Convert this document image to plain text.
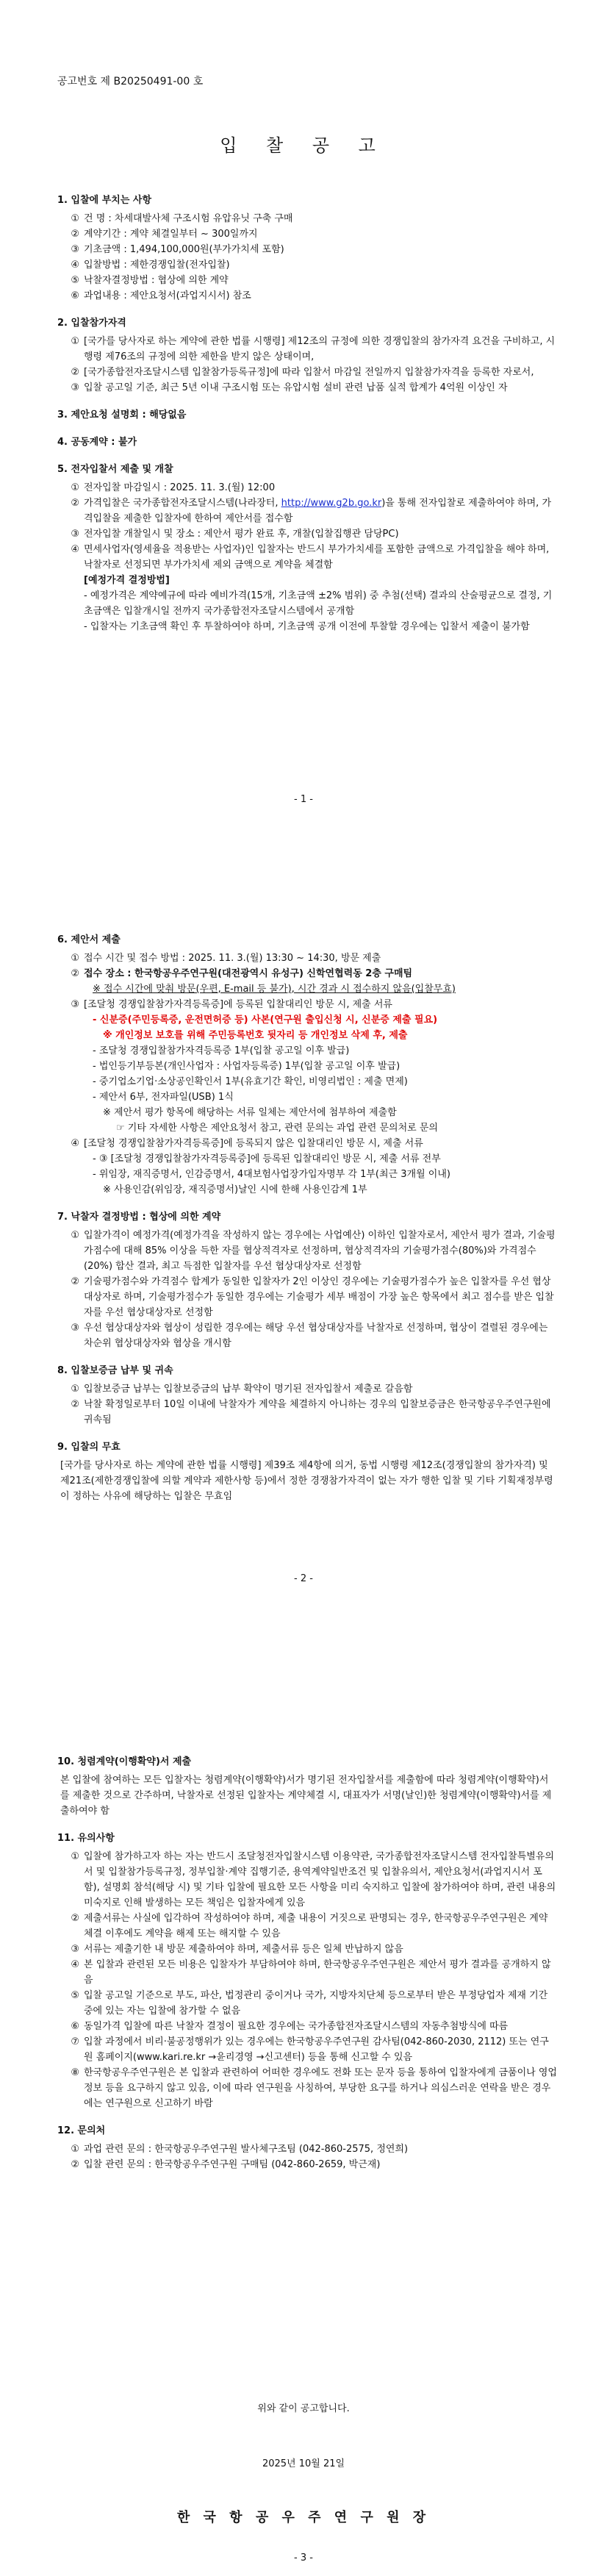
공고번호 제 B20250491-00 호
입 찰 공 고
1. 입찰에 부치는 사항
① 건 명 : 차세대발사체 구조시험 유압유닛 구축 구매
② 계약기간 : 계약 체결일부터 ~ 300일까지
③ 기초금액 : 1,494,100,000원(부가가치세 포함)
④ 입찰방법 : 제한경쟁입찰(전자입찰)
⑤ 낙찰자결정방법 : 협상에 의한 계약
⑥ 과업내용 : 제안요청서(과업지시서) 참조
2. 입찰참가자격
① [국가를 당사자로 하는 계약에 관한 법률 시행령] 제12조의 규정에 의한 경쟁입찰의 참가자격 요건을 구비하고, 시행령 제76조의 규정에 의한 제한을 받지 않은 상태이며,
② [국가종합전자조달시스템 입찰참가등록규정]에 따라 입찰서 마감일 전일까지 입찰참가자격을 등록한 자로서,
③ 입찰 공고일 기준, 최근 5년 이내 구조시험 또는 유압시험 설비 관련 납품 실적 합계가 4억원 이상인 자
3. 제안요청 설명회 : 해당없음
4. 공동계약 : 불가
5. 전자입찰서 제출 및 개찰
① 전자입찰 마감일시 : 2025. 11. 3.(월) 12:00
② 가격입찰은 국가종합전자조달시스템(나라장터, http://www.g2b.go.kr)을 통해 전자입찰로 제출하여야 하며, 가격입찰을 제출한 입찰자에 한하여 제안서를 접수함
③ 전자입찰 개찰일시 및 장소 : 제안서 평가 완료 후, 개찰(입찰집행관 담당PC)
④ 면세사업자(영세율을 적용받는 사업자)인 입찰자는 반드시 부가가치세를 포함한 금액으로 가격입찰을 해야 하며, 낙찰자로 선정되면 부가가치세 제외 금액으로 계약을 체결함
[예정가격 결정방법]
- 예정가격은 계약예규에 따라 예비가격(15개, 기초금액 ±2% 범위) 중 추첨(선택) 결과의 산술평균으로 결정, 기초금액은 입찰개시일 전까지 국가종합전자조달시스템에서 공개함
- 입찰자는 기초금액 확인 후 투찰하여야 하며, 기초금액 공개 이전에 투찰할 경우에는 입찰서 제출이 불가함
- 1 -
6. 제안서 제출
① 접수 시간 및 접수 방법 : 2025. 11. 3.(월) 13:30 ~ 14:30, 방문 제출
② 접수 장소 : 한국항공우주연구원(대전광역시 유성구) 신학연협력동 2층 구매팀
※ 접수 시간에 맞춰 방문(우편, E-mail 등 불가), 시간 경과 시 접수하지 않음(입찰무효)
③ [조달청 경쟁입찰참가자격등록증]에 등록된 입찰대리인 방문 시, 제출 서류
- 신분증(주민등록증, 운전면허증 등) 사본(연구원 출입신청 시, 신분증 제출 필요)
※ 개인정보 보호를 위해 주민등록번호 뒷자리 등 개인정보 삭제 후, 제출
- 조달청 경쟁입찰참가자격등록증 1부(입찰 공고일 이후 발급)
- 법인등기부등본(개인사업자 : 사업자등록증) 1부(입찰 공고일 이후 발급)
- 중기업소기업·소상공인확인서 1부(유효기간 확인, 비영리법인 : 제출 면제)
- 제안서 6부, 전자파일(USB) 1식
※ 제안서 평가 항목에 해당하는 서류 일체는 제안서에 첨부하여 제출함
☞ 기타 자세한 사항은 제안요청서 참고, 관련 문의는 과업 관련 문의처로 문의
④ [조달청 경쟁입찰참가자격등록증]에 등록되지 않은 입찰대리인 방문 시, 제출 서류
- ③ [조달청 경쟁입찰참가자격등록증]에 등록된 입찰대리인 방문 시, 제출 서류 전부
- 위임장, 재직증명서, 인감증명서, 4대보험사업장가입자명부 각 1부(최근 3개월 이내)
※ 사용인감(위임장, 재직증명서)날인 시에 한해 사용인감계 1부
7. 낙찰자 결정방법 : 협상에 의한 계약
① 입찰가격이 예정가격(예정가격을 작성하지 않는 경우에는 사업예산) 이하인 입찰자로서, 제안서 평가 결과, 기술평가점수에 대해 85% 이상을 득한 자를 협상적격자로 선정하며, 협상적격자의 기술평가점수(80%)와 가격점수(20%) 합산 결과, 최고 득점한 입찰자를 우선 협상대상자로 선정함
② 기술평가점수와 가격점수 합계가 동일한 입찰자가 2인 이상인 경우에는 기술평가점수가 높은 입찰자를 우선 협상대상자로 하며, 기술평가점수가 동일한 경우에는 기술평가 세부 배점이 가장 높은 항목에서 최고 점수를 받은 입찰자를 우선 협상대상자로 선정함
③ 우선 협상대상자와 협상이 성립한 경우에는 해당 우선 협상대상자를 낙찰자로 선정하며, 협상이 결렬된 경우에는 차순위 협상대상자와 협상을 개시함
8. 입찰보증금 납부 및 귀속
① 입찰보증금 납부는 입찰보증금의 납부 확약이 명기된 전자입찰서 제출로 갈음함
② 낙찰 확정일로부터 10일 이내에 낙찰자가 계약을 체결하지 아니하는 경우의 입찰보증금은 한국항공우주연구원에 귀속됨
9. 입찰의 무효
[국가를 당사자로 하는 계약에 관한 법률 시행령] 제39조 제4항에 의거, 동법 시행령 제12조(경쟁입찰의 참가자격) 및 제21조(제한경쟁입찰에 의할 계약과 제한사항 등)에서 정한 경쟁참가자격이 없는 자가 행한 입찰 및 기타 기획재정부령이 정하는 사유에 해당하는 입찰은 무효임
- 2 -
10. 청렴계약(이행확약)서 제출
본 입찰에 참여하는 모든 입찰자는 청렴계약(이행확약)서가 명기된 전자입찰서를 제출함에 따라 청렴계약(이행확약)서를 제출한 것으로 간주하며, 낙찰자로 선정된 입찰자는 계약체결 시, 대표자가 서명(날인)한 청렴계약(이행확약)서를 제출하여야 함
11. 유의사항
① 입찰에 참가하고자 하는 자는 반드시 조달청전자입찰시스템 이용약관, 국가종합전자조달시스템 전자입찰특별유의서 및 입찰참가등록규정, 정부입찰·계약 집행기준, 용역계약일반조건 및 입찰유의서, 제안요청서(과업지시서 포함), 설명회 참석(해당 시) 및 기타 입찰에 필요한 모든 사항을 미리 숙지하고 입찰에 참가하여야 하며, 관련 내용의 미숙지로 인해 발생하는 모든 책임은 입찰자에게 있음
② 제출서류는 사실에 입각하여 작성하여야 하며, 제출 내용이 거짓으로 판명되는 경우, 한국항공우주연구원은 계약 체결 이후에도 계약을 해제 또는 해지할 수 있음
③ 서류는 제출기한 내 방문 제출하여야 하며, 제출서류 등은 일체 반납하지 않음
④ 본 입찰과 관련된 모든 비용은 입찰자가 부담하여야 하며, 한국항공우주연구원은 제안서 평가 결과를 공개하지 않음
⑤ 입찰 공고일 기준으로 부도, 파산, 법정관리 중이거나 국가, 지방자치단체 등으로부터 받은 부정당업자 제재 기간 중에 있는 자는 입찰에 참가할 수 없음
⑥ 동일가격 입찰에 따른 낙찰자 결정이 필요한 경우에는 국가종합전자조달시스템의 자동추첨방식에 따름
⑦ 입찰 과정에서 비리·불공정행위가 있는 경우에는 한국항공우주연구원 감사팀(042-860-2030, 2112) 또는 연구원 홈페이지(www.kari.re.kr →윤리경영 →신고센터) 등을 통해 신고할 수 있음
⑧ 한국항공우주연구원은 본 입찰과 관련하여 어떠한 경우에도 전화 또는 문자 등을 통하여 입찰자에게 금품이나 영업 정보 등을 요구하지 않고 있음, 이에 따라 연구원을 사칭하여, 부당한 요구를 하거나 의심스러운 연락을 받은 경우에는 연구원으로 신고하기 바람
12. 문의처
① 과업 관련 문의 : 한국항공우주연구원 발사체구조팀 (042-860-2575, 정연희)
② 입찰 관련 문의 : 한국항공우주연구원 구매팀 (042-860-2659, 박근재)
위와 같이 공고합니다.
2025년 10월 21일
한 국 항 공 우 주 연 구 원 장
- 3 -
